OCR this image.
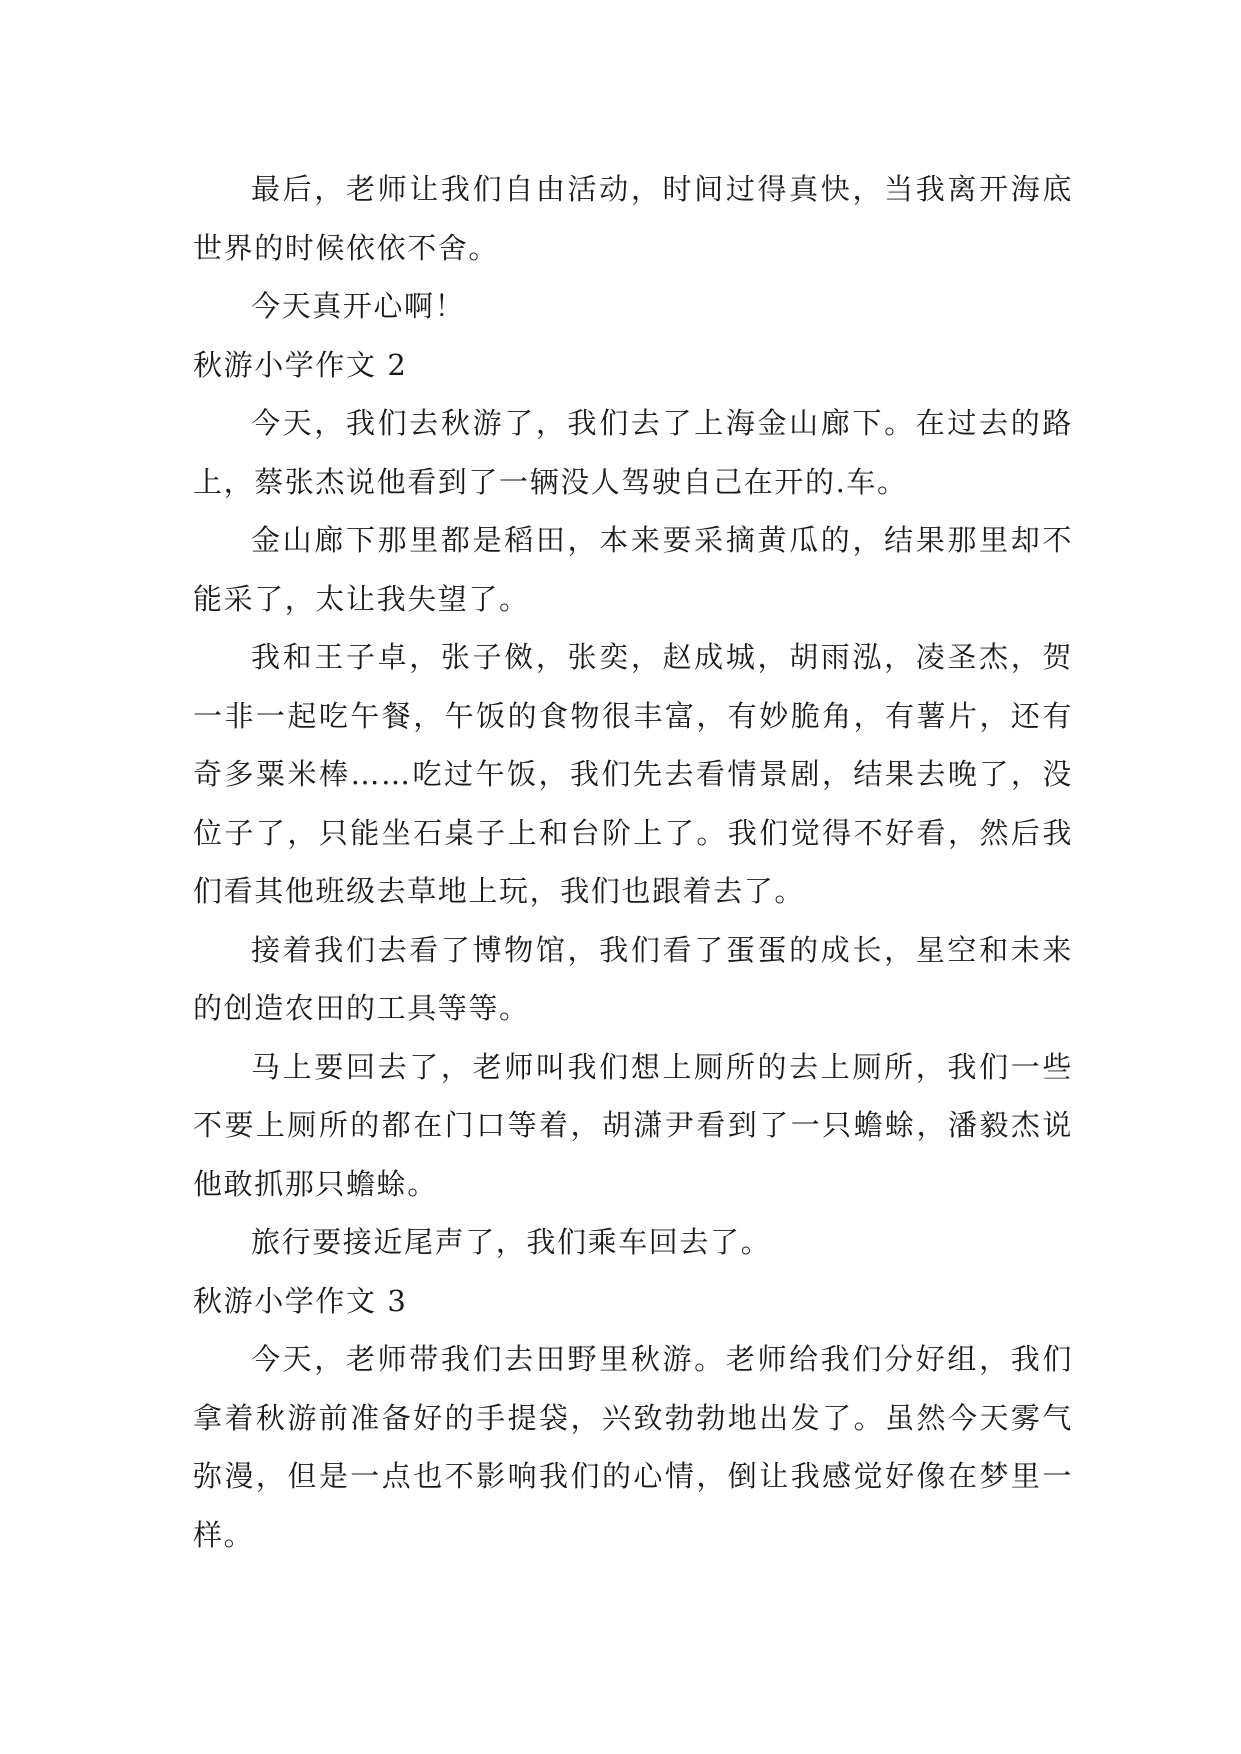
最后，老师让我们自由活动，时间过得真快，当我离开海底世界的时候依依不舍。

今天真开心啊！

秋游小学作文 2

今天，我们去秋游了，我们去了上海金山廊下。在过去的路上，蔡张杰说他看到了一辆没人驾驶自己在开的.车。

金山廊下那里都是稻田，本来要采摘黄瓜的，结果那里却不能采了，太让我失望了。

我和王子卓，张子傚，张奕，赵成城，胡雨泓，凌圣杰，贺一非一起吃午餐，午饭的食物很丰富，有妙脆角，有薯片，还有奇多粟米棒……吃过午饭，我们先去看情景剧，结果去晚了，没位子了，只能坐石桌子上和台阶上了。我们觉得不好看，然后我们看其他班级去草地上玩，我们也跟着去了。

接着我们去看了博物馆，我们看了蛋蛋的成长，星空和未来的创造农田的工具等等。

马上要回去了，老师叫我们想上厕所的去上厕所，我们一些不要上厕所的都在门口等着，胡潇尹看到了一只蟾蜍，潘毅杰说他敢抓那只蟾蜍。

旅行要接近尾声了，我们乘车回去了。

秋游小学作文 3

今天，老师带我们去田野里秋游。老师给我们分好组，我们拿着秋游前准备好的手提袋，兴致勃勃地出发了。虽然今天雾气弥漫，但是一点也不影响我们的心情，倒让我感觉好像在梦里一样。
